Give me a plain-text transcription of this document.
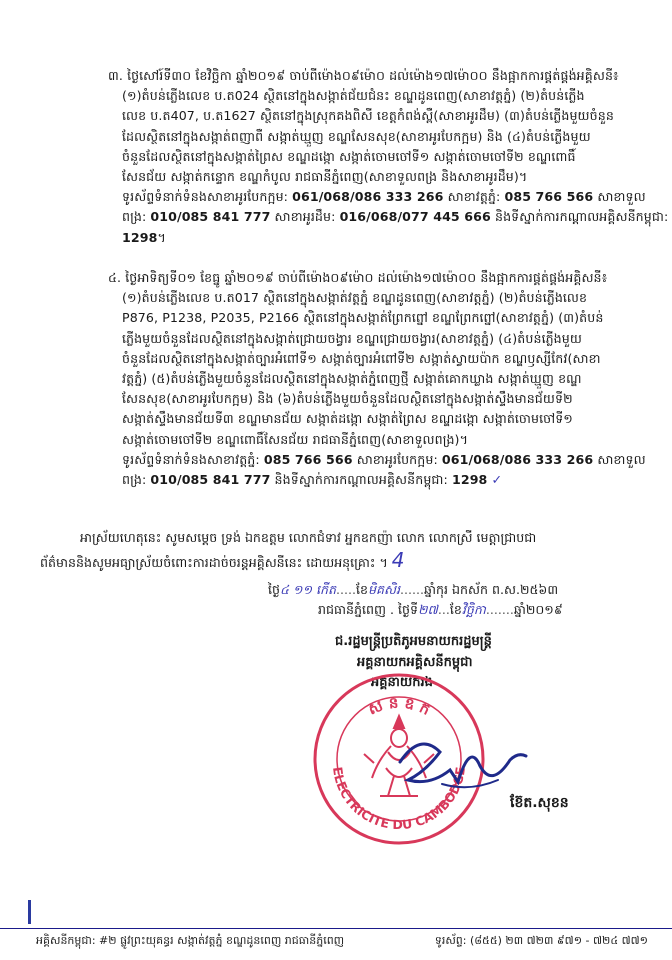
៣. ថ្ងៃសៅរ៍ទី៣០ ខែវិច្ឆិកា ឆ្នាំ២០១៩ ចាប់ពីម៉ោង០៩ម៉ោ០ ដល់ម៉ោង១៧ម៉ោ០០ នឹងផ្អាកការផ្គត់ផ្គង់អគ្គិសនី៖
(១)តំបន់ភ្លើងលេខ ប.ត024 ស្ថិតនៅក្នុងសង្កាត់ជ័យជំនះ ខណ្ឌដូនពេញ(សាខាវត្តភ្នំ) (២)តំបន់ភ្លើង
លេខ ប.ត407, ប.ត1627 ស្ថិតនៅក្នុងស្រុកគងពិសី ខេត្តកំពង់ស្ពឺ(សាខាអូរដឹម) (៣)តំបន់ភ្លើងមួយចំនួន
ដែលស្ថិតនៅក្នុងសង្កាត់ពញាពឺ សង្កាត់ឃ្មួញ ខណ្ឌសែនសុខ(សាខាអូរបែកក្អម) និង (៤)តំបន់ភ្លើងមួយ
ចំនួនដែលស្ថិតនៅក្នុងសង្កាត់ព្រៃស ខណ្ឌដង្កោ សង្កាត់ចោមចៅទី១ សង្កាត់ចោមចៅទី២ ខណ្ឌពោធិ៍
សែនជ័យ សង្កាត់កន្ទោក ខណ្ឌកំបូល រាជធានីភ្នំពេញ(សាខាទួលពង្រ និងសាខាអូរដឹម)។
ទូរស័ព្ទទំនាក់ទំនងសាខាអូរបែកក្អម: 061/068/086 333 266 សាខាវត្តភ្នំ: 085 766 566 សាខាទួល
ពង្រ: 010/085 841 777 សាខាអូរដឹម: 016/068/077 445 666 និងទីស្នាក់ការកណ្តាលអគ្គិសនីកម្ពុជា:
1298។
៤. ថ្ងៃអាទិត្យទី០១ ខែធ្នូ ឆ្នាំ២០១៩ ចាប់ពីម៉ោង០៩ម៉ោ០ ដល់ម៉ោង១៧ម៉ោ០០ នឹងផ្អាកការផ្គត់ផ្គង់អគ្គិសនី៖
(១)តំបន់ភ្លើងលេខ ប.ត017 ស្ថិតនៅក្នុងសង្កាត់វត្តភ្នំ ខណ្ឌដូនពេញ(សាខាវត្តភ្នំ) (២)តំបន់ភ្លើងលេខ
P876, P1238, P2035, P2166 ស្ថិតនៅក្នុងសង្កាត់ព្រែកព្នៅ ខណ្ឌព្រែកព្នៅ(សាខាវត្តភ្នំ) (៣)តំបន់
ភ្លើងមួយចំនួនដែលស្ថិតនៅក្នុងសង្កាត់ជ្រោយចង្វារ ខណ្ឌជ្រោយចង្វារ(សាខាវត្តភ្នំ) (៤)តំបន់ភ្លើងមួយ
ចំនួនដែលស្ថិតនៅក្នុងសង្កាត់ច្បារអំពៅទី១ សង្កាត់ច្បារអំពៅទី២ សង្កាត់ស្វាយប៉ាក ខណ្ឌឫស្សីកែវ(សាខា
វត្តភ្នំ) (៥)តំបន់ភ្លើងមួយចំនួនដែលស្ថិតនៅក្នុងសង្កាត់ភ្នំពេញថ្មី សង្កាត់គោកឃ្លាង សង្កាត់ឃ្មួញ ខណ្ឌ
សែនសុខ(សាខាអូរបែកក្អម) និង (៦)តំបន់ភ្លើងមួយចំនួនដែលស្ថិតនៅក្នុងសង្កាត់ស្ទឹងមានជ័យទី២
សង្កាត់ស្ទឹងមានជ័យទី៣ ខណ្ឌមានជ័យ សង្កាត់ដង្កោ សង្កាត់ព្រៃស ខណ្ឌដង្កោ សង្កាត់ចោមចៅទី១
សង្កាត់ចោមចៅទី២ ខណ្ឌពោធិ៍សែនជ័យ រាជធានីភ្នំពេញ(សាខាទួលពង្រ)។
ទូរស័ព្ទទំនាក់ទំនងសាខាវត្តភ្នំ: 085 766 566 សាខាអូរបែកក្អម: 061/068/086 333 266 សាខាទួល
ពង្រ: 010/085 841 777 និងទីស្នាក់ការកណ្តាលអគ្គិសនីកម្ពុជា: 1298 ✓
អាស្រ័យហេតុនេះ សូមសម្តេច ទ្រង់ ឯកឧត្តម លោកជំទាវ អ្នកឧកញ៉ា លោក លោកស្រី មេត្តាជ្រាបជា
ព័ត៌មាននិងសូមអធ្យាស្រ័យចំពោះការដាច់ចរន្តអគ្គិសនីនេះ ដោយអនុគ្រោះ ។ 4
ថ្ងៃ៤ ១១ កើត.....ខែមិគសិរ......ឆ្នាំកុរ ឯកស័ក ព.ស.២៥៦៣
រាជធានីភ្នំពេញ . ថ្ងៃទី២៧...ខែវិច្ឆិកា.......ឆ្នាំ២០១៩
ជ.រដ្ឋមន្ត្រីប្រតិភូអមនាយករដ្ឋមន្ត្រី
អគ្គនាយកអគ្គិសនីកម្ពុជា
អគ្គនាយករង
ស ន ឧ ក
ELECTRICITE DU CAMBODGE
ខ៊ែត.សុខន
អគ្គិសនីកម្ពុជា: #២ ផ្លូវព្រះយុគន្ធរ សង្កាត់វត្តភ្នំ ខណ្ឌដូនពេញ រាជធានីភ្នំពេញ	ទូរស័ព្ទ: (៨៥៥) ២៣ ៧២៣ ៩៧១ - ៧២៤ ៧៧១
